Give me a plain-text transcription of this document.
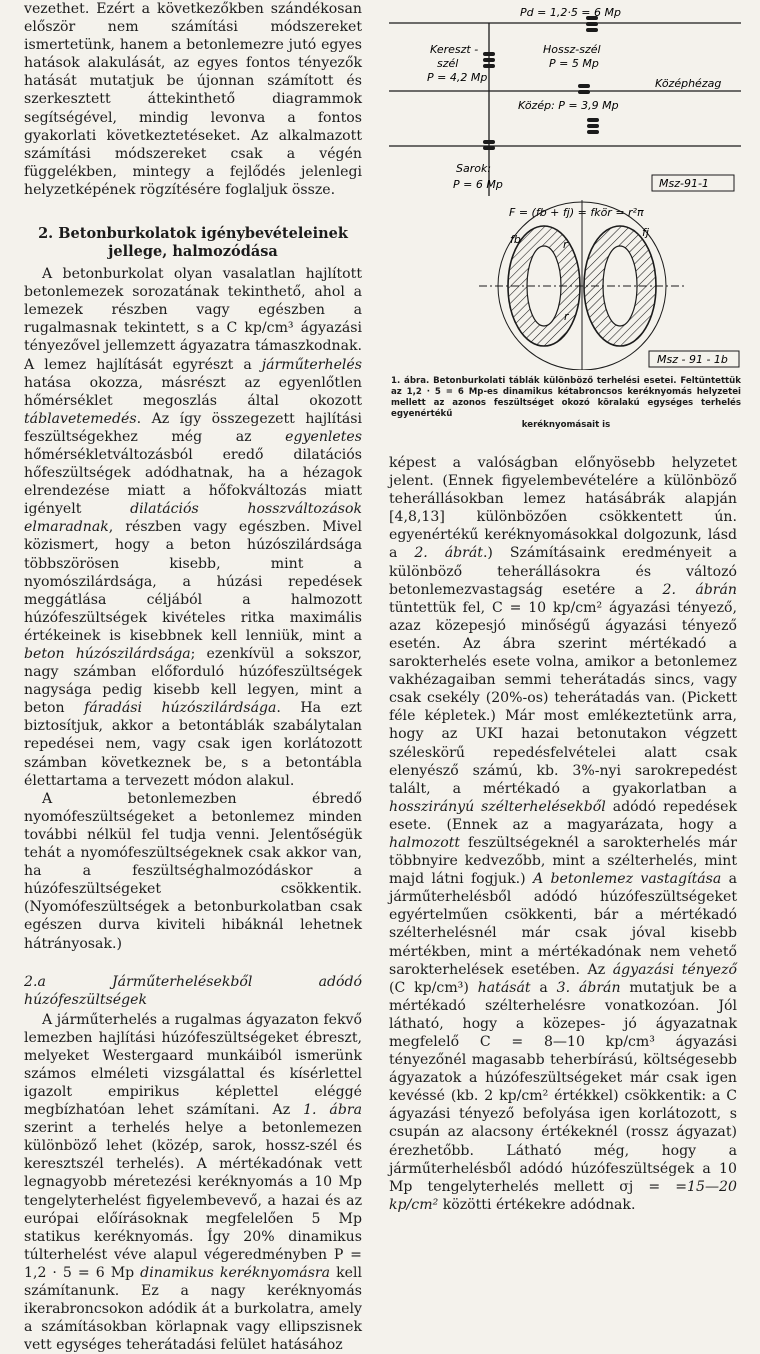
vezethet. Ezért a következőkben szándékosan először nem számítási módszereket ismertetünk, hanem a betonlemezre jutó egyes hatások alakulását, az egyes fontos tényezők hatását mutatjuk be újonnan számított és szerkesztett áttekinthető diagrammok segítségével, mindig levonva a fontos gyakorlati következtetéseket. Az alkalmazott számítási módszereket csak a végén függelékben, mintegy a fejlődés jelenlegi helyzetképének rögzítésére foglaljuk össze.

2. Betonburkolatok igénybevételeinek jellege, halmozódása

A betonburkolat olyan vasalatlan hajlított betonlemezek sorozatának tekinthető, ahol a lemezek részben vagy egészben a rugalmasnak tekintett, s a C kp/cm³ ágyazási tényezővel jellemzett ágyazatra támaszkodnak. A lemez hajlítását egyrészt a járműterhelés hatása okozza, másrészt az egyenlőtlen hőmérséklet megoszlás által okozott táblavetemedés. Az így összegezett hajlítási feszültségekhez még az egyenletes hőmérsékletváltozásból eredő dilatációs hőfeszültségek adódhatnak, ha a hézagok elrendezése miatt a hőfokváltozás miatt igényelt dilatációs hosszváltozások elmaradnak, részben vagy egészben. Mivel közismert, hogy a beton húzószilárdsága többszörösen kisebb, mint a nyomószilárdsága, a húzási repedések meggátlása céljából a halmozott húzófeszültségek kivételes ritka maximális értékeinek is kisebbnek kell lenniük, mint a beton húzószilárdsága; ezenkívül a sokszor, nagy számban előforduló húzófeszültségek nagysága pedig kisebb kell legyen, mint a beton fáradási húzószilárdsága. Ha ezt biztosítjuk, akkor a betontáblák szabálytalan repedései nem, vagy csak igen korlátozott számban következnek be, s a betontábla élettartama a tervezett módon alakul.

A betonlemezben ébredő nyomófeszültségeket a betonlemez minden további nélkül fel tudja venni. Jelentőségük tehát a nyomófeszültségeknek csak akkor van, ha a feszültséghalmozódáskor a húzófeszültségeket csökkentik. (Nyomófeszültségek a betonburkolatban csak egészen durva kiviteli hibáknál lehetnek hátrányosak.)

2.a Járműterhelésekből adódó húzófeszültségek

A járműterhelés a rugalmas ágyazaton fekvő lemezben hajlítási húzófeszültségeket ébreszt, melyeket Westergaard munkáiból ismerünk számos elméleti vizsgálattal és kísérlettel igazolt empirikus képlettel eléggé megbízhatóan lehet számítani. Az 1. ábra szerint a terhelés helye a betonlemezen különböző lehet (közép, sarok, hossz-szél és keresztszél terhelés). A mértékadónak vett legnagyobb méretezési keréknyomás a 10 Mp tengelyterhelést figyelembevevő, a hazai és az európai előírásoknak megfelelően 5 Mp statikus keréknyomás. Így 20% dinamikus túlterhelést véve alapul végeredményben P = 1,2 · 5 = 6 Mp dinamikus keréknyomásra kell számítanunk. Ez a nagy keréknyomás ikerabroncsokon adódik át a burkolatra, amely a számításokban körlapnak vagy ellipszisnek vett egységes teherátadási felület hatásához

Pd = 1,2·5 = 6 Mp
Kereszt -
szél
P = 4,2 Mp
Hossz-szél
P = 5 Mp
Középhézag
Közép: P = 3,9 Mp
Sarok:
P = 6 Mp	Msz-91-1
F = (fb + fj) = fkör = r²π
fb
fj
r
r
Msz - 91 - 1b
1. ábra. Betonburkolati táblák különböző terhelési esetei. Feltüntettük az 1,2 · 5 = 6 Mp-es dinamikus kétabroncsos keréknyomás helyzetei mellett az azonos feszültséget okozó köralakú egységes terhelés egyenértékű
keréknyomásait is

képest a valóságban előnyösebb helyzetet jelent. (Ennek figyelembevételére a különböző teherállásokban lemez hatásábrák alapján [4,8,13] különbözően csökkentett ún. egyenértékű keréknyomásokkal dolgozunk, lásd a 2. ábrát.) Számításaink eredményeit a különböző teherállásokra és változó betonlemezvastagság esetére a 2. ábrán tüntettük fel, C = 10 kp/cm² ágyazási tényező, azaz közepesjó minőségű ágyazási tényező esetén. Az ábra szerint mértékadó a sarokterhelés esete volna, amikor a betonlemez vakhézagaiban semmi teherátadás sincs, vagy csak csekély (20%-os) teherátadás van. (Pickett féle képletek.) Már most emlékeztetünk arra, hogy az UKI hazai betonutakon végzett széleskörű repedésfelvételei alatt csak elenyésző számú, kb. 3%-nyi sarokrepedést talált, a mértékadó a gyakorlatban a hosszirányú szélterhelésekből adódó repedések esete. (Ennek az a magyarázata, hogy a halmozott feszültségeknél a sarokterhelés már többnyire kedvezőbb, mint a szélterhelés, mint majd látni fogjuk.) A betonlemez vastagítása a járműterhelésből adódó húzófeszültségeket egyértelműen csökkenti, bár a mértékadó szélterhelésnél már csak jóval kisebb mértékben, mint a mértékadónak nem vehető sarokterhelések esetében. Az ágyazási tényező (C kp/cm³) hatását a 3. ábrán mutatjuk be a mértékadó szélterhelésre vonatkozóan. Jól látható, hogy a közepes- jó ágyazatnak megfelelő C = 8—10 kp/cm³ ágyazási tényezőnél magasabb teherbírású, költségesebb ágyazatok a húzófeszültségeket már csak igen kevéssé (kb. 2 kp/cm² értékkel) csökkentik: a C ágyazási tényező befolyása igen korlátozott, s csupán az alacsony értékeknél (rossz ágyazat) érezhetőbb. Látható még, hogy a járműterhelésből adódó húzófeszültségek a 10 Mp tengelyterhelés mellett σj = =15—20 kp/cm² közötti értékekre adódnak.
